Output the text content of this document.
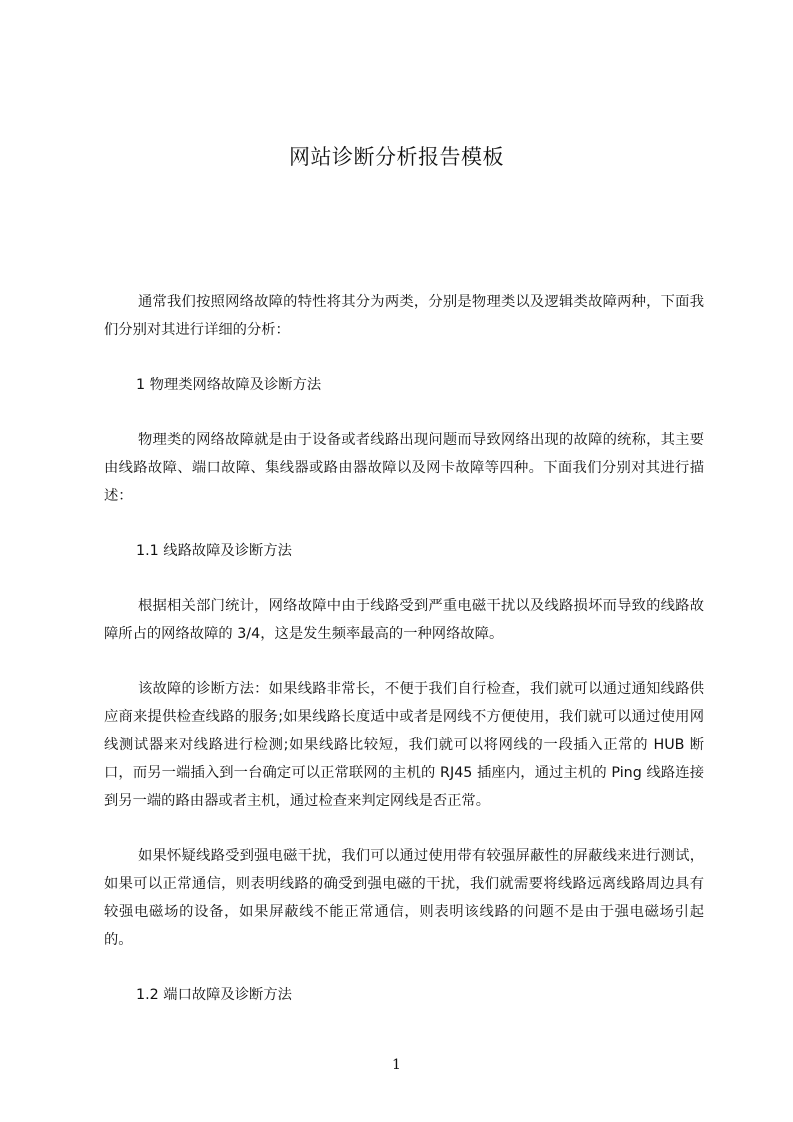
网站诊断分析报告模板

通常我们按照网络故障的特性将其分为两类，分别是物理类以及逻辑类故障两种，下面我们分别对其进行详细的分析：

1 物理类网络故障及诊断方法

物理类的网络故障就是由于设备或者线路出现问题而导致网络出现的故障的统称，其主要由线路故障、端口故障、集线器或路由器故障以及网卡故障等四种。下面我们分别对其进行描述：

1.1 线路故障及诊断方法

根据相关部门统计，网络故障中由于线路受到严重电磁干扰以及线路损坏而导致的线路故障所占的网络故障的 3/4，这是发生频率最高的一种网络故障。

该故障的诊断方法：如果线路非常长，不便于我们自行检查，我们就可以通过通知线路供应商来提供检查线路的服务;如果线路长度适中或者是网线不方便使用，我们就可以通过使用网线测试器来对线路进行检测;如果线路比较短，我们就可以将网线的一段插入正常的 HUB 断口，而另一端插入到一台确定可以正常联网的主机的 RJ45 插座内，通过主机的 Ping 线路连接到另一端的路由器或者主机，通过检查来判定网线是否正常。

如果怀疑线路受到强电磁干扰，我们可以通过使用带有较强屏蔽性的屏蔽线来进行测试，如果可以正常通信，则表明线路的确受到强电磁的干扰，我们就需要将线路远离线路周边具有较强电磁场的设备，如果屏蔽线不能正常通信，则表明该线路的问题不是由于强电磁场引起的。

1.2 端口故障及诊断方法

1
